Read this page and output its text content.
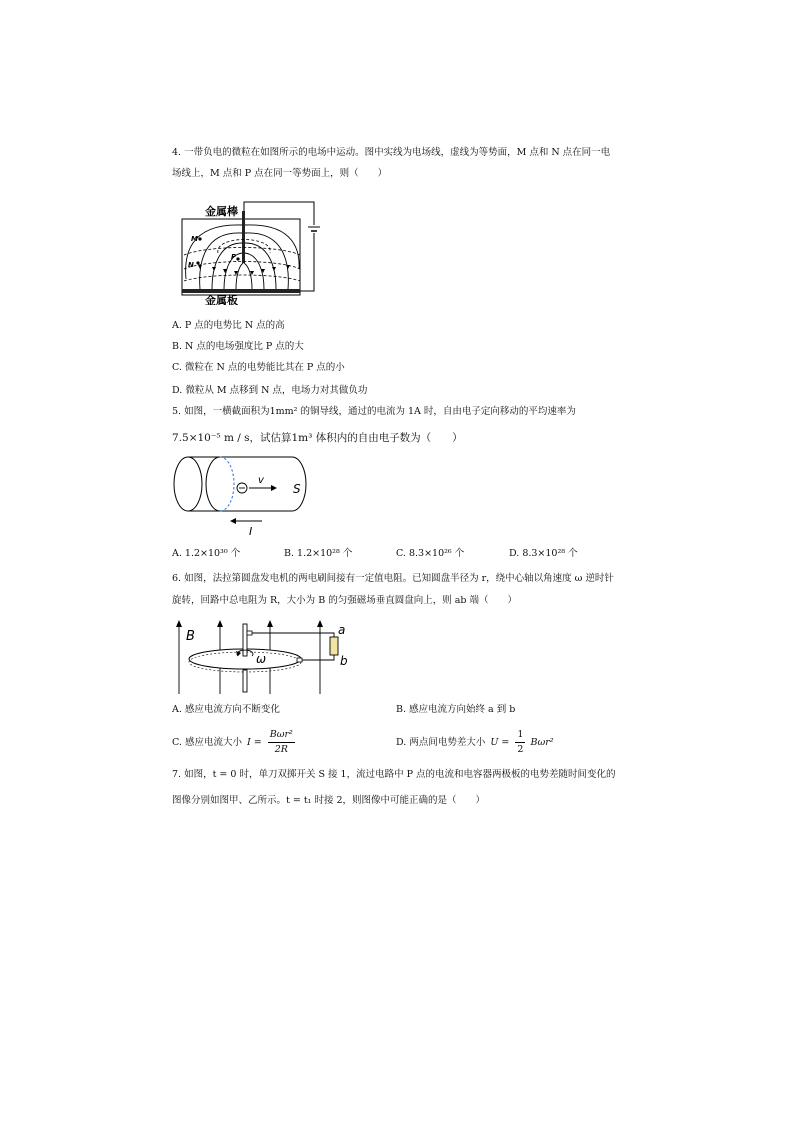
4. 一带负电的微粒在如图所示的电场中运动。图中实线为电场线，虚线为等势面，M 点和 N 点在同一电
场线上，M 点和 P 点在同一等势面上，则（　　）
金属棒
金属板
M
N
P
A. P 点的电势比 N 点的高
B. N 点的电场强度比 P 点的大
C. 微粒在 N 点的电势能比其在 P 点的小
D. 微粒从 M 点移到 N 点，电场力对其做负功
5. 如图，一横截面积为1mm² 的铜导线，通过的电流为 1A 时，自由电子定向移动的平均速率为
7.5×10⁻⁵ m / s，试估算1m³ 体积内的自由电子数为（　　）
v
S
I
A. 1.2×10³⁰ 个	B. 1.2×10²⁸ 个	C. 8.3×10²⁶ 个	D. 8.3×10²⁸ 个
6. 如图，法拉第圆盘发电机的两电刷间接有一定值电阻。已知圆盘半径为 r，绕中心轴以角速度 ω 逆时针
旋转，回路中总电阻为 R，大小为 B 的匀强磁场垂直圆盘向上，则 ab 端（　　）
B	a
b
ω
A. 感应电流方向不断变化	B. 感应电流方向始终 a 到 b
C. 感应电流大小 I =
Bωr²
2R
D. 两点间电势差大小 $U = \frac{1}{2} B\omega r^2$
7. 如图，t = 0 时，单刀双掷开关 S 接 1，流过电路中 P 点的电流和电容器两极板的电势差随时间变化的
图像分别如图甲、乙所示。t = t₁ 时接 2，则图像中可能正确的是（　　）
